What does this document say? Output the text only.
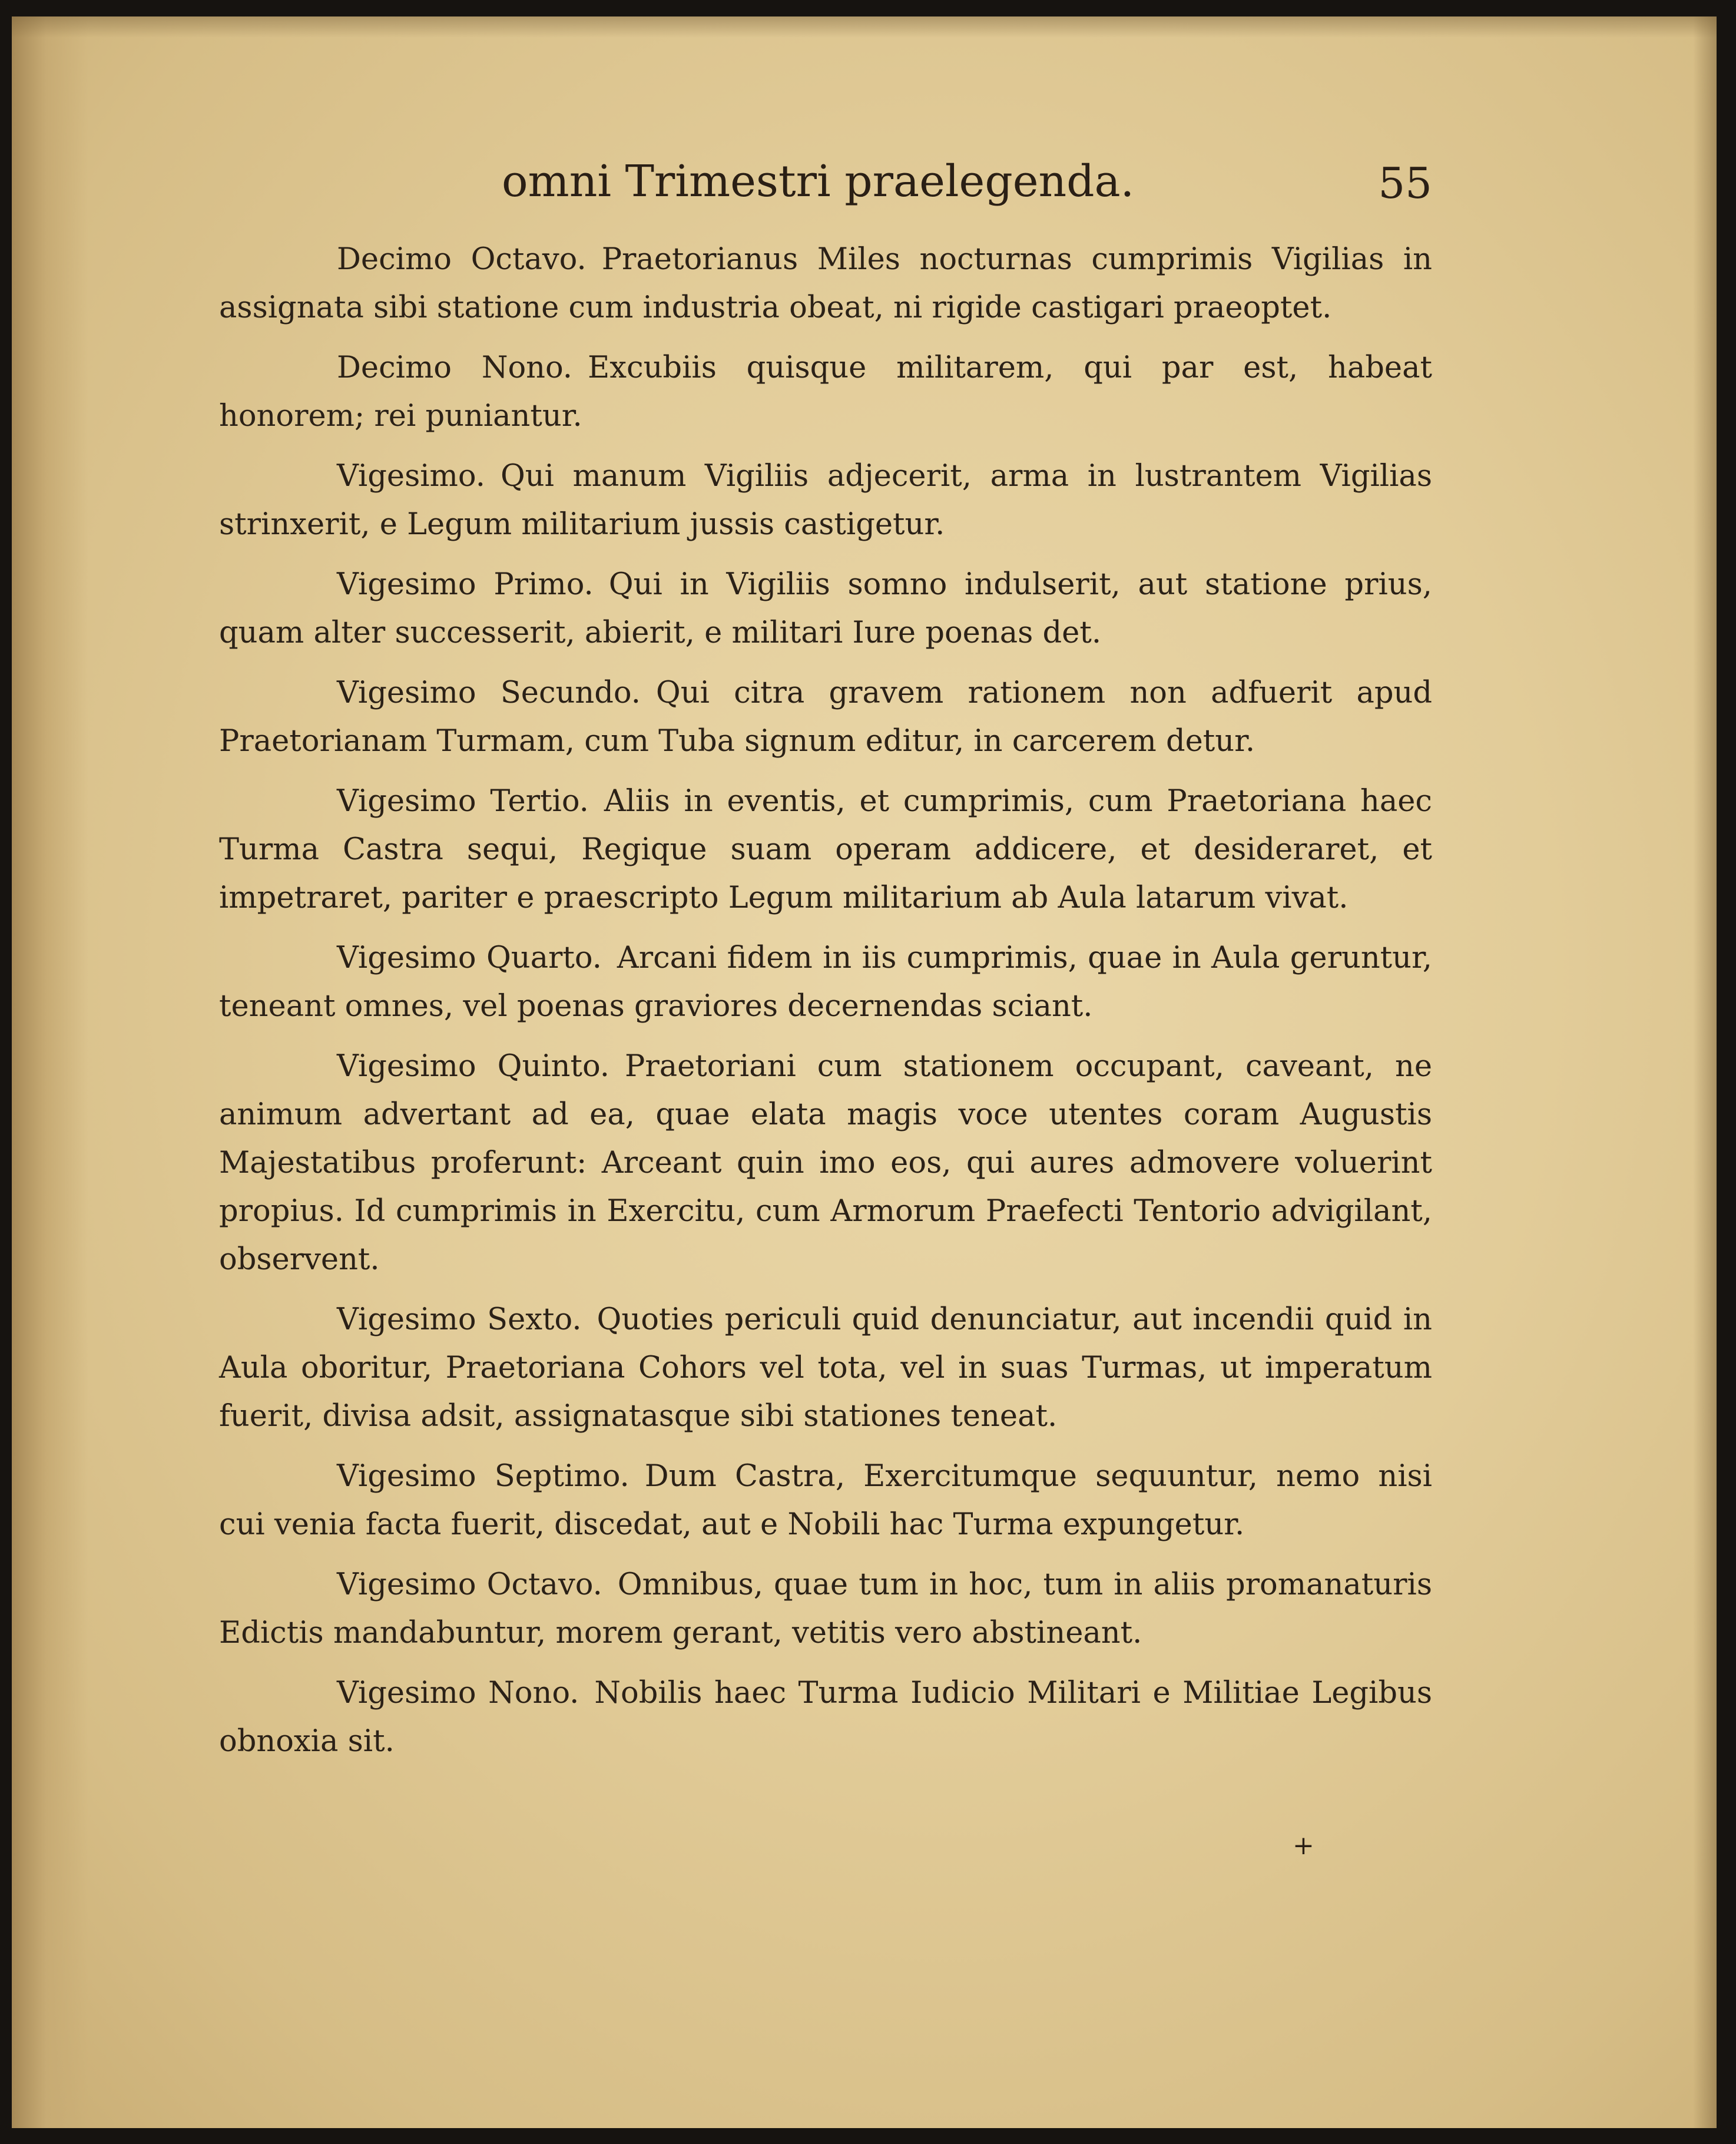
omni Trimestri praelegenda.	55

Decimo Octavo. Praetorianus Miles nocturnas cumprimis Vigilias in assignata sibi statione cum industria obeat, ni rigide castigari praeoptet.

Decimo Nono. Excubiis quisque militarem, qui par est, habeat honorem; rei puniantur.

Vigesimo. Qui manum Vigiliis adjecerit, arma in lustrantem Vigilias strinxerit, e Legum militarium jussis castigetur.

Vigesimo Primo. Qui in Vigiliis somno indulserit, aut statione prius, quam alter successerit, abierit, e militari Iure poenas det.

Vigesimo Secundo. Qui citra gravem rationem non adfuerit apud Praetorianam Turmam, cum Tuba signum editur, in carcerem detur.

Vigesimo Tertio. Aliis in eventis, et cumprimis, cum Praetoriana haec Turma Castra sequi, Regique suam operam addicere, et desideraret, et impetraret, pariter e praescripto Legum militarium ab Aula latarum vivat.

Vigesimo Quarto. Arcani fidem in iis cumprimis, quae in Aula geruntur, teneant omnes, vel poenas graviores decernendas sciant.

Vigesimo Quinto. Praetoriani cum stationem occupant, caveant, ne animum advertant ad ea, quae elata magis voce utentes coram Augustis Majestatibus proferunt: Arceant quin imo eos, qui aures admovere voluerint propius. Id cumprimis in Exercitu, cum Armorum Praefecti Tentorio advigilant, observent.

Vigesimo Sexto. Quoties periculi quid denunciatur, aut incendii quid in Aula oboritur, Praetoriana Cohors vel tota, vel in suas Turmas, ut imperatum fuerit, divisa adsit, assignatasque sibi stationes teneat.

Vigesimo Septimo. Dum Castra, Exercitumque sequuntur, nemo nisi cui venia facta fuerit, discedat, aut e Nobili hac Turma expungetur.

Vigesimo Octavo. Omnibus, quae tum in hoc, tum in aliis promanaturis Edictis mandabuntur, morem gerant, vetitis vero abstineant.

Vigesimo Nono. Nobilis haec Turma Iudicio Militari e Militiae Legibus obnoxia sit.

+
